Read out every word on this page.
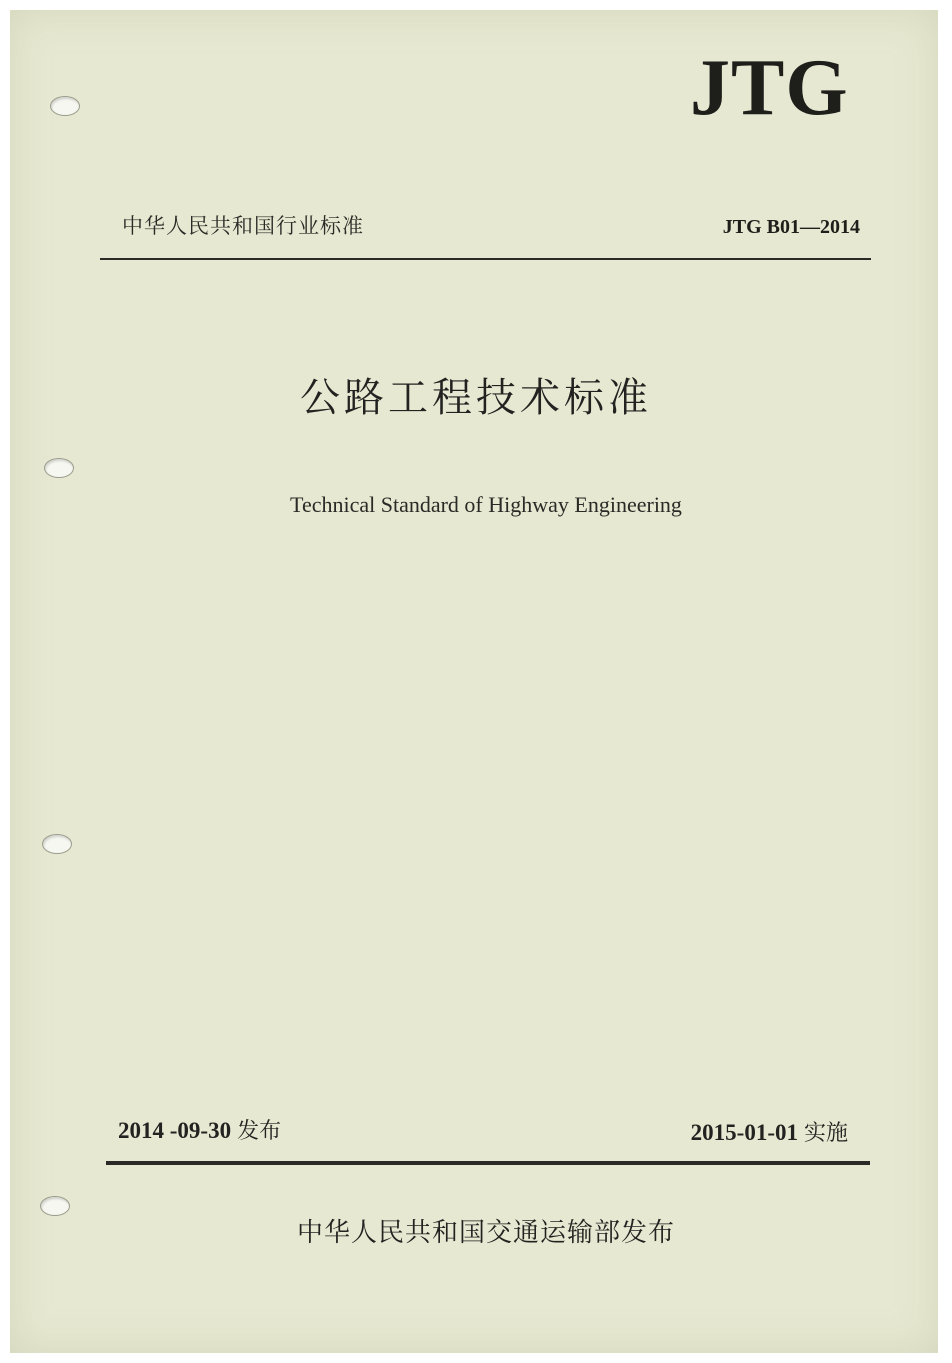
JTG
中华人民共和国行业标准	JTG B01—2014
公路工程技术标准
Technical Standard of Highway Engineering
2014 -09-30 发布	2015-01-01 实施
中华人民共和国交通运输部发布
